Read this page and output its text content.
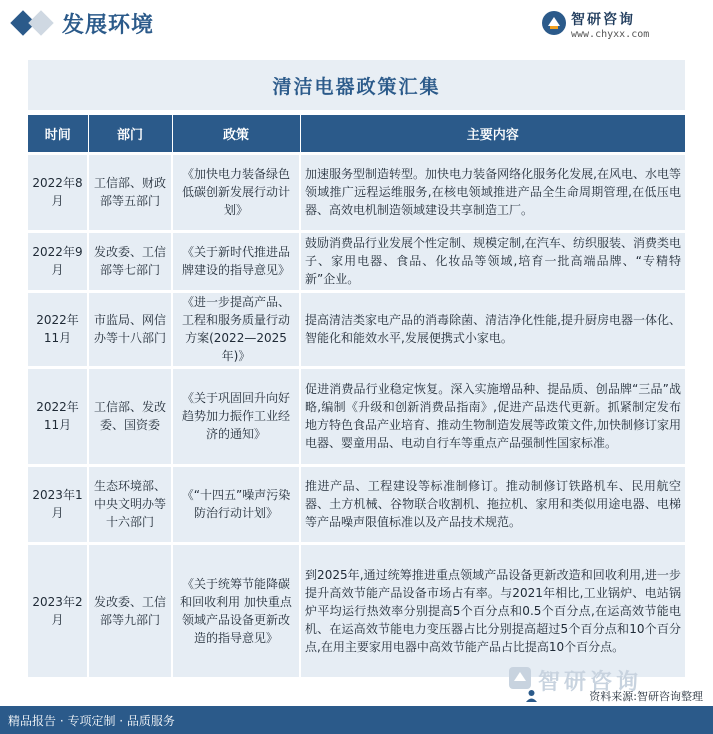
发展环境	智研咨询
www.chyxx.com
清洁电器政策汇集
时间	部门	政策	主要内容
2022年8月	工信部、财政部等五部门	《加快电力装备绿色低碳创新发展行动计划》	加速服务型制造转型。加快电力装备网络化服务化发展,在风电、水电等领域推广远程运维服务,在核电领域推进产品全生命周期管理,在低压电器、高效电机制造领域建设共享制造工厂。
2022年9月	发改委、工信部等七部门	《关于新时代推进品牌建设的指导意见》	鼓励消费品行业发展个性定制、规模定制,在汽车、纺织服装、消费类电子、家用电器、食品、化妆品等领域,培育一批高端品牌、“专精特新”企业。
2022年11月	市监局、网信办等十八部门	《进一步提高产品、工程和服务质量行动方案(2022—2025年)》	提高清洁类家电产品的消毒除菌、清洁净化性能,提升厨房电器一体化、智能化和能效水平,发展便携式小家电。
2022年11月	工信部、发改委、国资委	《关于巩固回升向好趋势加力振作工业经济的通知》	促进消费品行业稳定恢复。深入实施增品种、提品质、创品牌“三品”战略,编制《升级和创新消费品指南》,促进产品迭代更新。抓紧制定发布地方特色食品产业培育、推动生物制造发展等政策文件,加快制修订家用电器、婴童用品、电动自行车等重点产品强制性国家标准。
2023年1月	生态环境部、中央文明办等十六部门	《“十四五”噪声污染防治行动计划》	推进产品、工程建设等标准制修订。推动制修订铁路机车、民用航空器、土方机械、谷物联合收割机、拖拉机、家用和类似用途电器、电梯等产品噪声限值标准以及产品技术规范。
2023年2月	发改委、工信部等九部门	《关于统筹节能降碳和回收利用 加快重点领域产品设备更新改造的指导意见》	到2025年,通过统筹推进重点领域产品设备更新改造和回收利用,进一步提升高效节能产品设备市场占有率。与2021年相比,工业锅炉、电站锅炉平均运行热效率分别提高5个百分点和0.5个百分点,在运高效节能电机、在运高效节能电力变压器占比分别提高超过5个百分点和10个百分点,在用主要家用电器中高效节能产品占比提高10个百分点。
智研咨询
资料来源:智研咨询整理
精品报告 · 专项定制 · 品质服务
